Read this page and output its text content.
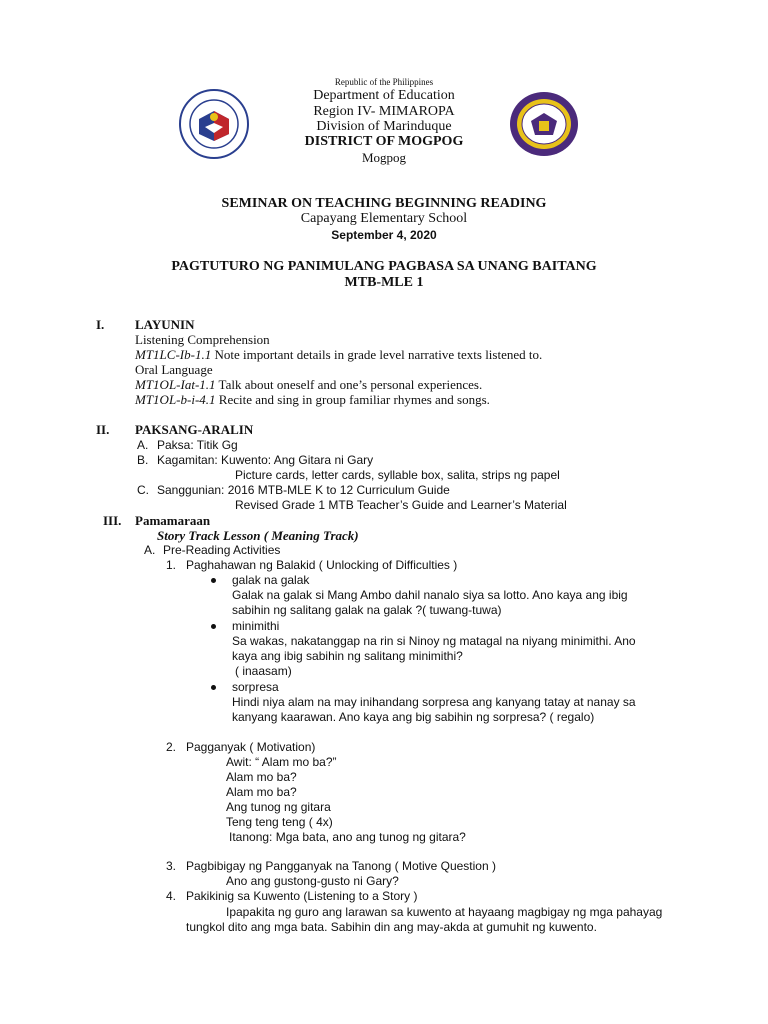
Republic of the Philippines
Department of Education
Region IV- MIMAROPA
Division of Marinduque
DISTRICT OF MOGPOG
Mogpog
SEMINAR ON TEACHING BEGINNING READING
Capayang Elementary School
September 4, 2020
PAGTUTURO NG PANIMULANG PAGBASA SA UNANG BAITANG
MTB-MLE 1
I. LAYUNIN
Listening Comprehension
MT1LC-Ib-1.1 Note important details in grade level narrative texts listened to.
Oral Language
MT1OL-Iat-1.1 Talk about oneself and one’s personal experiences.
MT1OL-b-i-4.1 Recite and sing in group familiar rhymes and songs.
II. PAKSANG-ARALIN
A. Paksa: Titik Gg
B. Kagamitan: Kuwento: Ang Gitara ni Gary
Picture cards, letter cards, syllable box, salita, strips ng papel
C. Sanggunian: 2016 MTB-MLE K to 12 Curriculum Guide
Revised Grade 1 MTB Teacher’s Guide and Learner’s Material
III. Pamamaraan
Story Track Lesson ( Meaning Track)
A. Pre-Reading Activities
1. Paghahawan ng Balakid ( Unlocking of Difficulties )
galak na galak
Galak na galak si Mang Ambo dahil nanalo siya sa lotto. Ano kaya ang ibig
sabihin ng salitang galak na galak ?( tuwang-tuwa)
minimithi
Sa wakas, nakatanggap na rin si Ninoy ng matagal na niyang minimithi. Ano
kaya ang ibig sabihin ng salitang minimithi?
( inaasam)
sorpresa
Hindi niya alam na may inihandang sorpresa ang kanyang tatay at nanay sa
kanyang kaarawan. Ano kaya ang big sabihin ng sorpresa? ( regalo)
2. Pagganyak ( Motivation)
Awit: “ Alam mo ba?”
Alam mo ba?
Alam mo ba?
Ang tunog ng gitara
Teng teng teng ( 4x)
Itanong: Mga bata, ano ang tunog ng gitara?
3. Pagbibigay ng Pangganyak na Tanong ( Motive Question )
Ano ang gustong-gusto ni Gary?
4. Pakikinig sa Kuwento (Listening to a Story )
Ipapakita ng guro ang larawan sa kuwento at hayaang magbigay ng mga pahayag
tungkol dito ang mga bata. Sabihin din ang may-akda at gumuhit ng kuwento.
